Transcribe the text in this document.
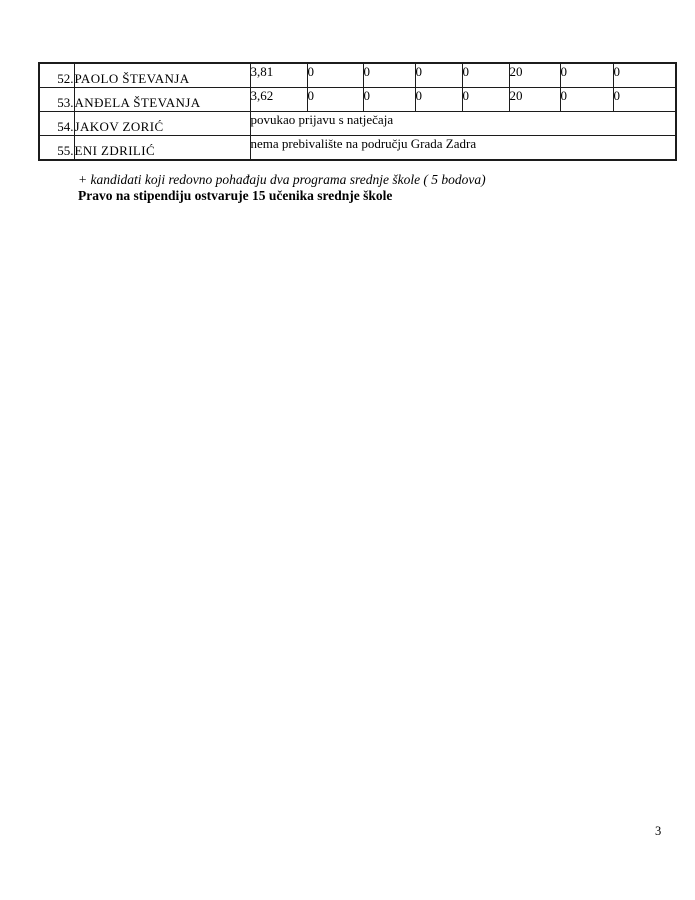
52.	PAOLO ŠTEVANJA	3,81	0	0	0	0	20	0	0
53.	ANĐELA ŠTEVANJA	3,62	0	0	0	0	20	0	0
54.	JAKOV ZORIĆ	povukao prijavu s natječaja							
55.	ENI ZDRILIĆ	nema prebivalište na području Grada Zadra							
+ kandidati koji redovno pohađaju dva programa srednje škole ( 5 bodova)
Pravo na stipendiju ostvaruje 15 učenika srednje škole
3
